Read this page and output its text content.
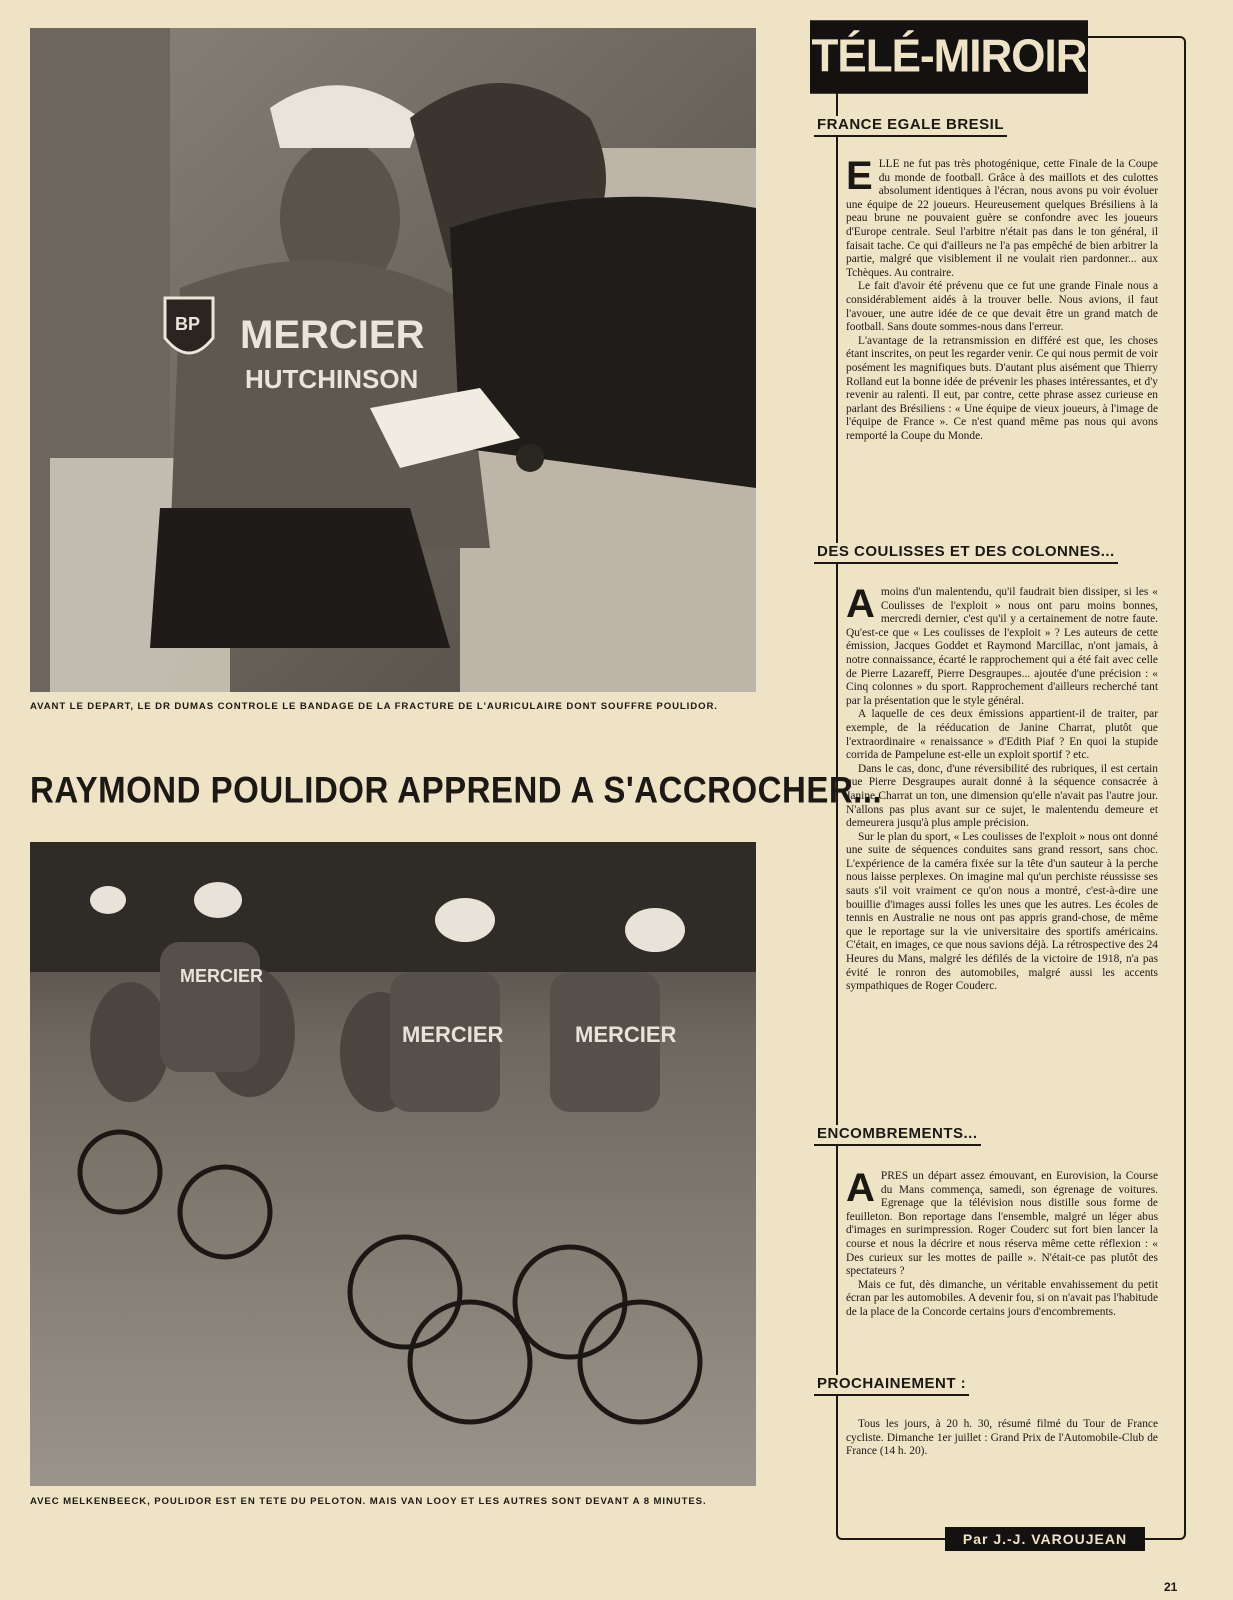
MERCIER
HUTCHINSON
BP
AVANT LE DEPART, LE DR DUMAS CONTROLE LE BANDAGE DE LA FRACTURE DE L'AURICULAIRE DONT SOUFFRE POULIDOR.
RAYMOND POULIDOR APPREND A S'ACCROCHER...
MERCIER	MERCIER
MERCIER
AVEC MELKENBEECK, POULIDOR EST EN TETE DU PELOTON. MAIS VAN LOOY ET LES AUTRES SONT DEVANT A 8 MINUTES.
TÉLÉ-MIROIR
FRANCE EGALE BRESIL

ELLE ne fut pas très photogénique, cette Finale de la Coupe du monde de football. Grâce à des maillots et des culottes absolument identiques à l'écran, nous avons pu voir évoluer une équipe de 22 joueurs. Heureusement quelques Brésiliens à la peau brune ne pouvaient guère se confondre avec les joueurs d'Europe centrale. Seul l'arbitre n'était pas dans le ton général, il faisait tache. Ce qui d'ailleurs ne l'a pas empêché de bien arbitrer la partie, malgré que visiblement il ne voulait rien pardonner... aux Tchèques. Au contraire.

Le fait d'avoir été prévenu que ce fut une grande Finale nous a considérablement aidés à la trouver belle. Nous avions, il faut l'avouer, une autre idée de ce que devait être un grand match de football. Sans doute sommes-nous dans l'erreur.

L'avantage de la retransmission en différé est que, les choses étant inscrites, on peut les regarder venir. Ce qui nous permit de voir posément les magnifiques buts. D'autant plus aisément que Thierry Rolland eut la bonne idée de prévenir les phases intéressantes, et d'y revenir au ralenti. Il eut, par contre, cette phrase assez curieuse en parlant des Brésiliens : « Une équipe de vieux joueurs, à l'image de l'équipe de France ». Ce n'est quand même pas nous qui avons remporté la Coupe du Monde.

DES COULISSES ET DES COLONNES...

Amoins d'un malentendu, qu'il faudrait bien dissiper, si les « Coulisses de l'exploit » nous ont paru moins bonnes, mercredi dernier, c'est qu'il y a certainement de notre faute. Qu'est-ce que « Les coulisses de l'exploit » ? Les auteurs de cette émission, Jacques Goddet et Raymond Marcillac, n'ont jamais, à notre connaissance, écarté le rapprochement qui a été fait avec celle de Pierre Lazareff, Pierre Desgraupes... ajoutée d'une précision : « Cinq colonnes » du sport. Rapprochement d'ailleurs recherché tant par la présentation que le style général.

A laquelle de ces deux émissions appartient-il de traiter, par exemple, de la rééducation de Janine Charrat, plutôt que l'extraordinaire « renaissance » d'Edith Piaf ? En quoi la stupide corrida de Pampelune est-elle un exploit sportif ? etc.

Dans le cas, donc, d'une réversibilité des rubriques, il est certain que Pierre Desgraupes aurait donné à la séquence consacrée à Janine Charrat un ton, une dimension qu'elle n'avait pas l'autre jour. N'allons pas plus avant sur ce sujet, le malentendu demeure et demeurera jusqu'à plus ample précision.

Sur le plan du sport, « Les coulisses de l'exploit » nous ont donné une suite de séquences conduites sans grand ressort, sans choc. L'expérience de la caméra fixée sur la tête d'un sauteur à la perche nous laisse perplexes. On imagine mal qu'un perchiste réussisse ses sauts s'il voit vraiment ce qu'on nous a montré, c'est-à-dire une bouillie d'images aussi folles les unes que les autres. Les écoles de tennis en Australie ne nous ont pas appris grand-chose, de même que le reportage sur la vie universitaire des sportifs américains. C'était, en images, ce que nous savions déjà. La rétrospective des 24 Heures du Mans, malgré les défilés de la victoire de 1918, n'a pas évité le ronron des automobiles, malgré aussi les accents sympathiques de Roger Couderc.

ENCOMBREMENTS...

APRES un départ assez émouvant, en Eurovision, la Course du Mans commença, samedi, son égrenage de voitures. Egrenage que la télévision nous distille sous forme de feuilleton. Bon reportage dans l'ensemble, malgré un léger abus d'images en surimpression. Roger Couderc sut fort bien lancer la course et nous la décrire et nous réserva même cette réflexion : « Des curieux sur les mottes de paille ». N'était-ce pas plutôt des spectateurs ?

Mais ce fut, dès dimanche, un véritable envahissement du petit écran par les automobiles. A devenir fou, si on n'avait pas l'habitude de la place de la Concorde certains jours d'encombrements.

PROCHAINEMENT :

Tous les jours, à 20 h. 30, résumé filmé du Tour de France cycliste. Dimanche 1er juillet : Grand Prix de l'Automobile-Club de France (14 h. 20).

Par J.-J. VAROUJEAN
21
